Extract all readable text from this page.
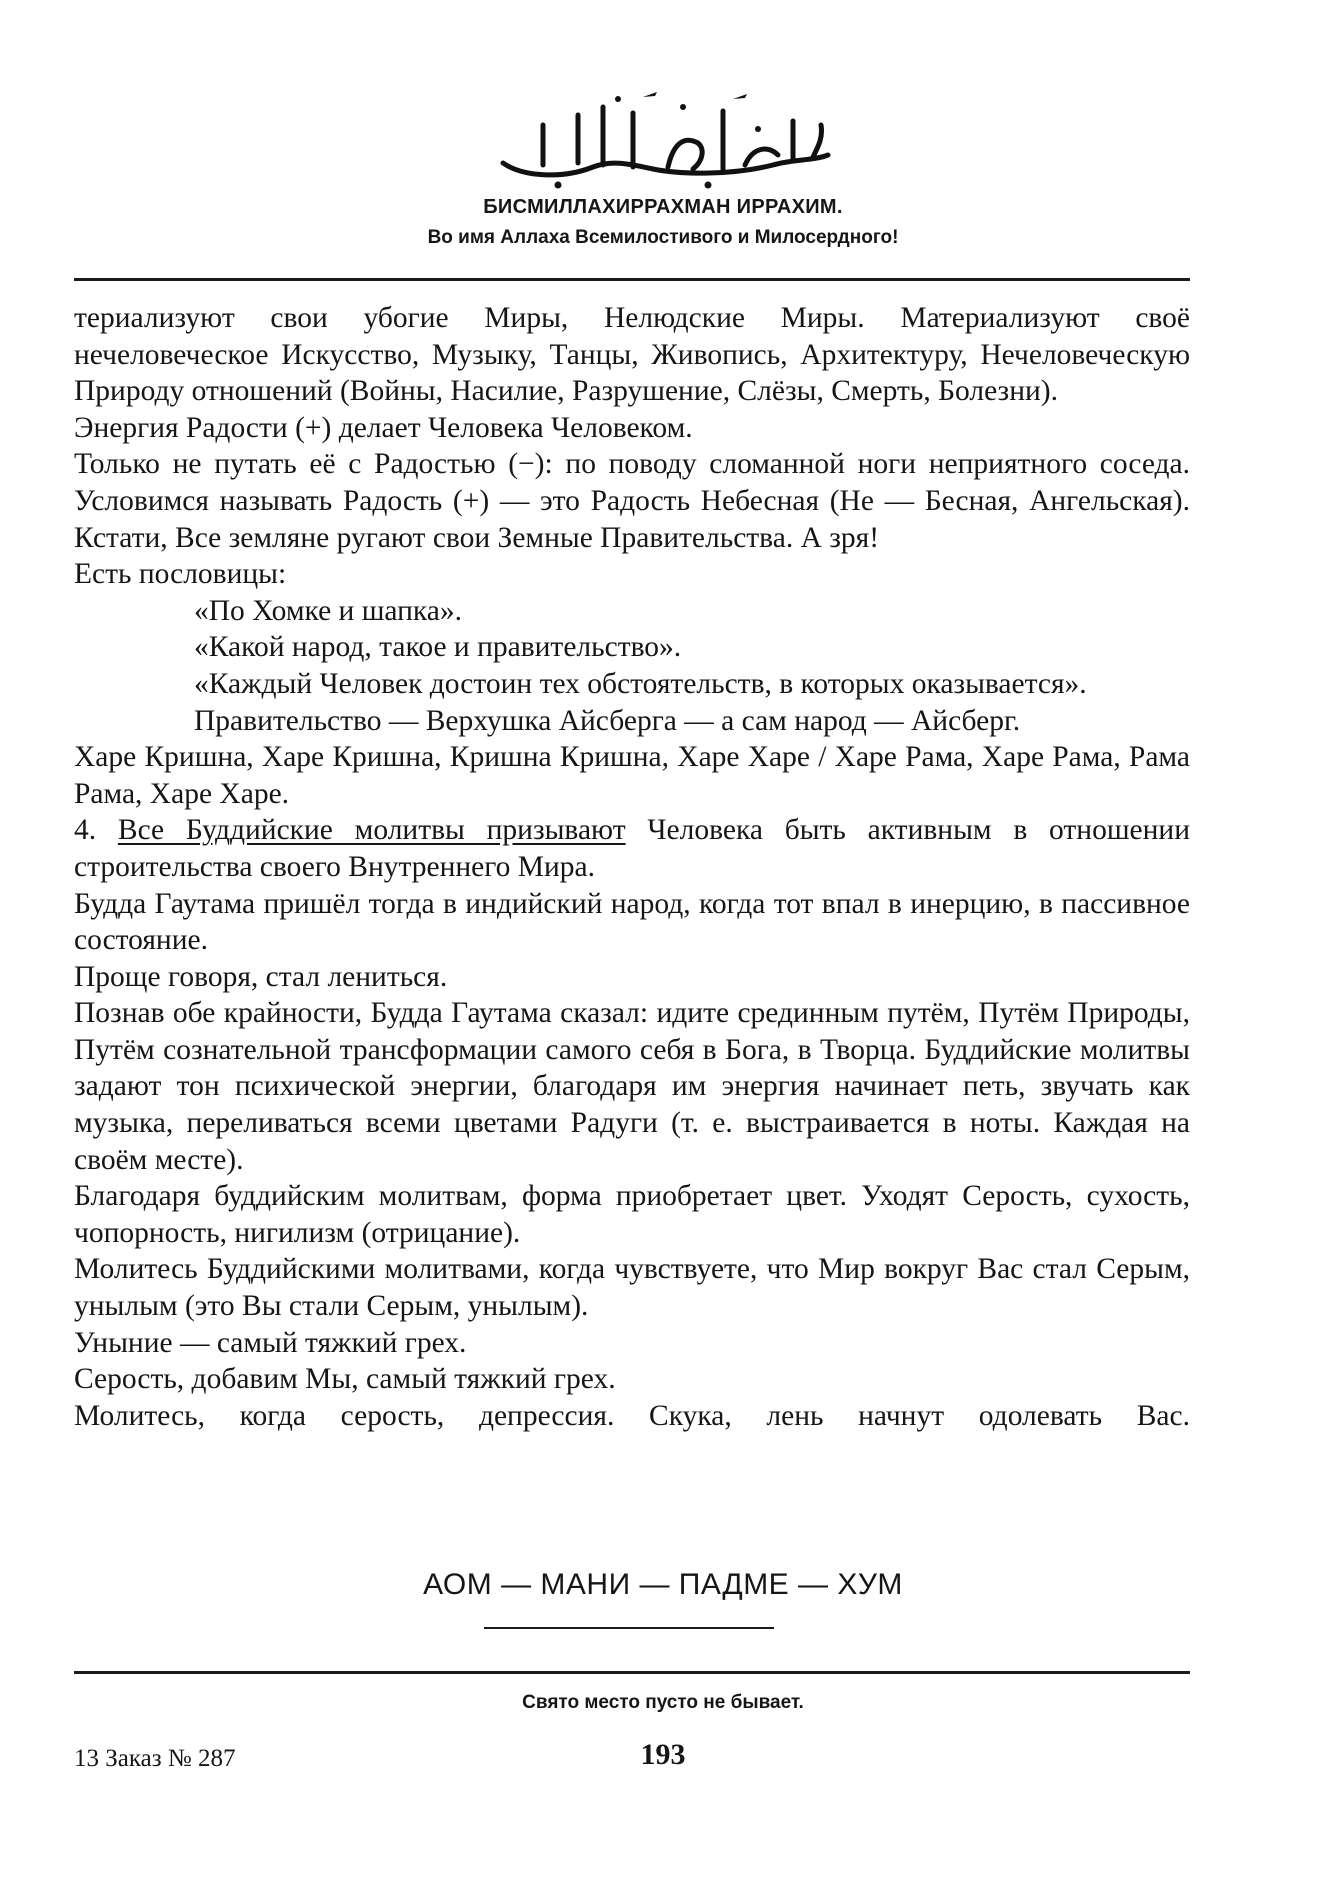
БИСМИЛЛАХИРРАХМАН ИРРАХИМ.
Во имя Аллаха Всемилостивого и Милосердного!

териализуют свои убогие Миры, Нелюдские Миры. Материализуют своё нечеловеческое Искусство, Музыку, Танцы, Живопись, Архитектуру, Нечеловеческую Природу отношений (Войны, Насилие, Разрушение, Слёзы, Смерть, Болезни).

Энергия Радости (+) делает Человека Человеком.

Только не путать её с Радостью (−): по поводу сломанной ноги неприятного соседа. Условимся называть Радость (+) — это Радость Небесная (Не — Бесная, Ангельская). Кстати, Все земляне ругают свои Земные Правительства. А зря!

Есть пословицы:

«По Хомке и шапка».

«Какой народ, такое и правительство».

«Каждый Человек достоин тех обстоятельств, в которых оказывается».

Правительство — Верхушка Айсберга — а сам народ — Айсберг.

Харе Кришна, Харе Кришна, Кришна Кришна, Харе Харе / Харе Рама, Харе Рама, Рама Рама, Харе Харе.

4. Все Буддийские молитвы призывают Человека быть активным в отношении строительства своего Внутреннего Мира.

Будда Гаутама пришёл тогда в индийский народ, когда тот впал в инерцию, в пассивное состояние.

Проще говоря, стал лениться.

Познав обе крайности, Будда Гаутама сказал: идите срединным путём, Путём Природы, Путём сознательной трансформации самого себя в Бога, в Творца. Буддийские молитвы задают тон психической энергии, благодаря им энергия начинает петь, звучать как музыка, переливаться всеми цветами Радуги (т. е. выстраивается в ноты. Каждая на своём месте).

Благодаря буддийским молитвам, форма приобретает цвет. Уходят Серость, сухость, чопорность, нигилизм (отрицание).

Молитесь Буддийскими молитвами, когда чувствуете, что Мир вокруг Вас стал Серым, унылым (это Вы стали Серым, унылым).

Уныние — самый тяжкий грех.

Серость, добавим Мы, самый тяжкий грех.

Молитесь, когда серость, депрессия. Скука, лень начнут одолевать Вас.

АОМ — МАНИ — ПАДМЕ — ХУМ
Свято место пусто не бывает.
13 Заказ № 287	193
